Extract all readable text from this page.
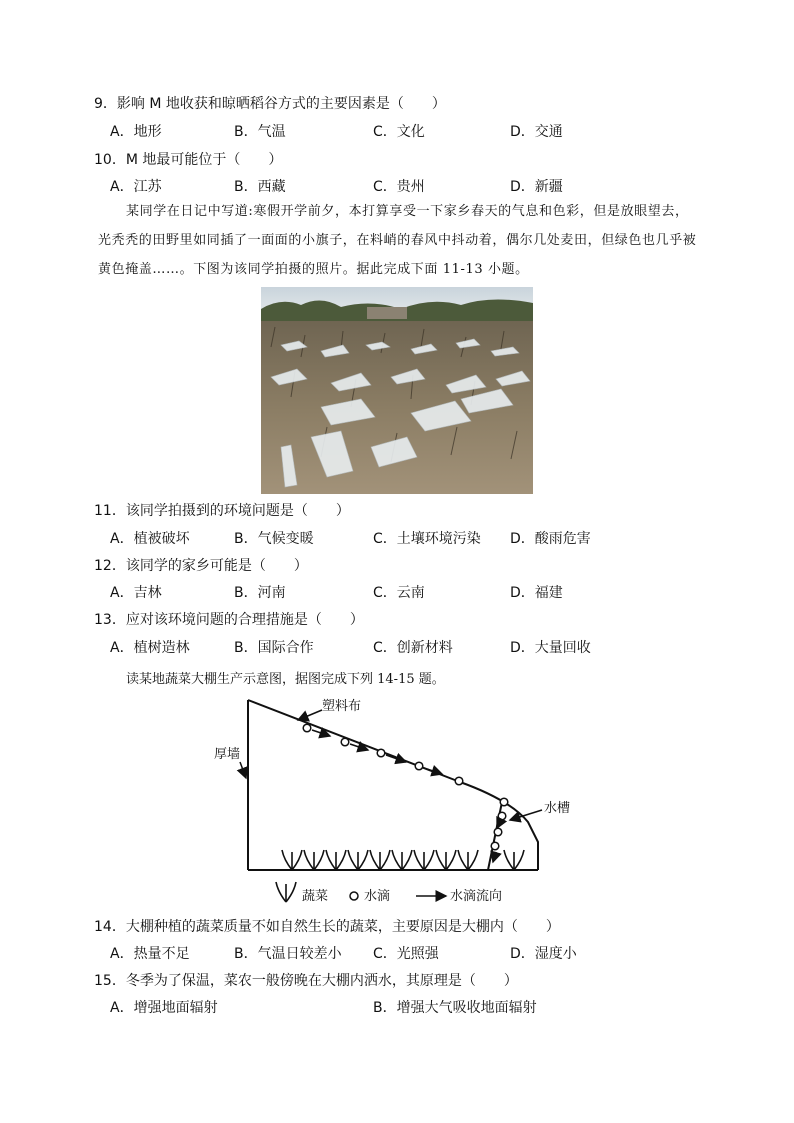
9．影响 M 地收获和晾晒稻谷方式的主要因素是（　　）
A．地形	B．气温	C．文化	D．交通
10．M 地最可能位于（　　）
A．江苏	B．西藏	C．贵州	D．新疆
某同学在日记中写道:寒假开学前夕，本打算享受一下家乡春天的气息和色彩，但是放眼望去，光秃秃的田野里如同插了一面面的小旗子，在料峭的春风中抖动着，偶尔几处麦田，但绿色也几乎被黄色掩盖……。下图为该同学拍摄的照片。据此完成下面 11-13 小题。
11．该同学拍摄到的环境问题是（　　）
A．植被破坏	B．气候变暖	C．土壤环境污染 D．酸雨危害
12．该同学的家乡可能是（　　）
A．吉林	B．河南	C．云南	D．福建
13．应对该环境问题的合理措施是（　　）
A．植树造林	B．国际合作	C．创新材料	D．大量回收
读某地蔬菜大棚生产示意图，据图完成下列 14-15 题。
塑料布
厚墙
水槽
蔬菜	水滴	水滴流向
14．大棚种植的蔬菜质量不如自然生长的蔬菜，主要原因是大棚内（　　）
A．热量不足	B．气温日较差小 C．光照强	D．湿度小
15．冬季为了保温，菜农一般傍晚在大棚内洒水，其原理是（　　）
A．增强地面辐射	B．增强大气吸收地面辐射
